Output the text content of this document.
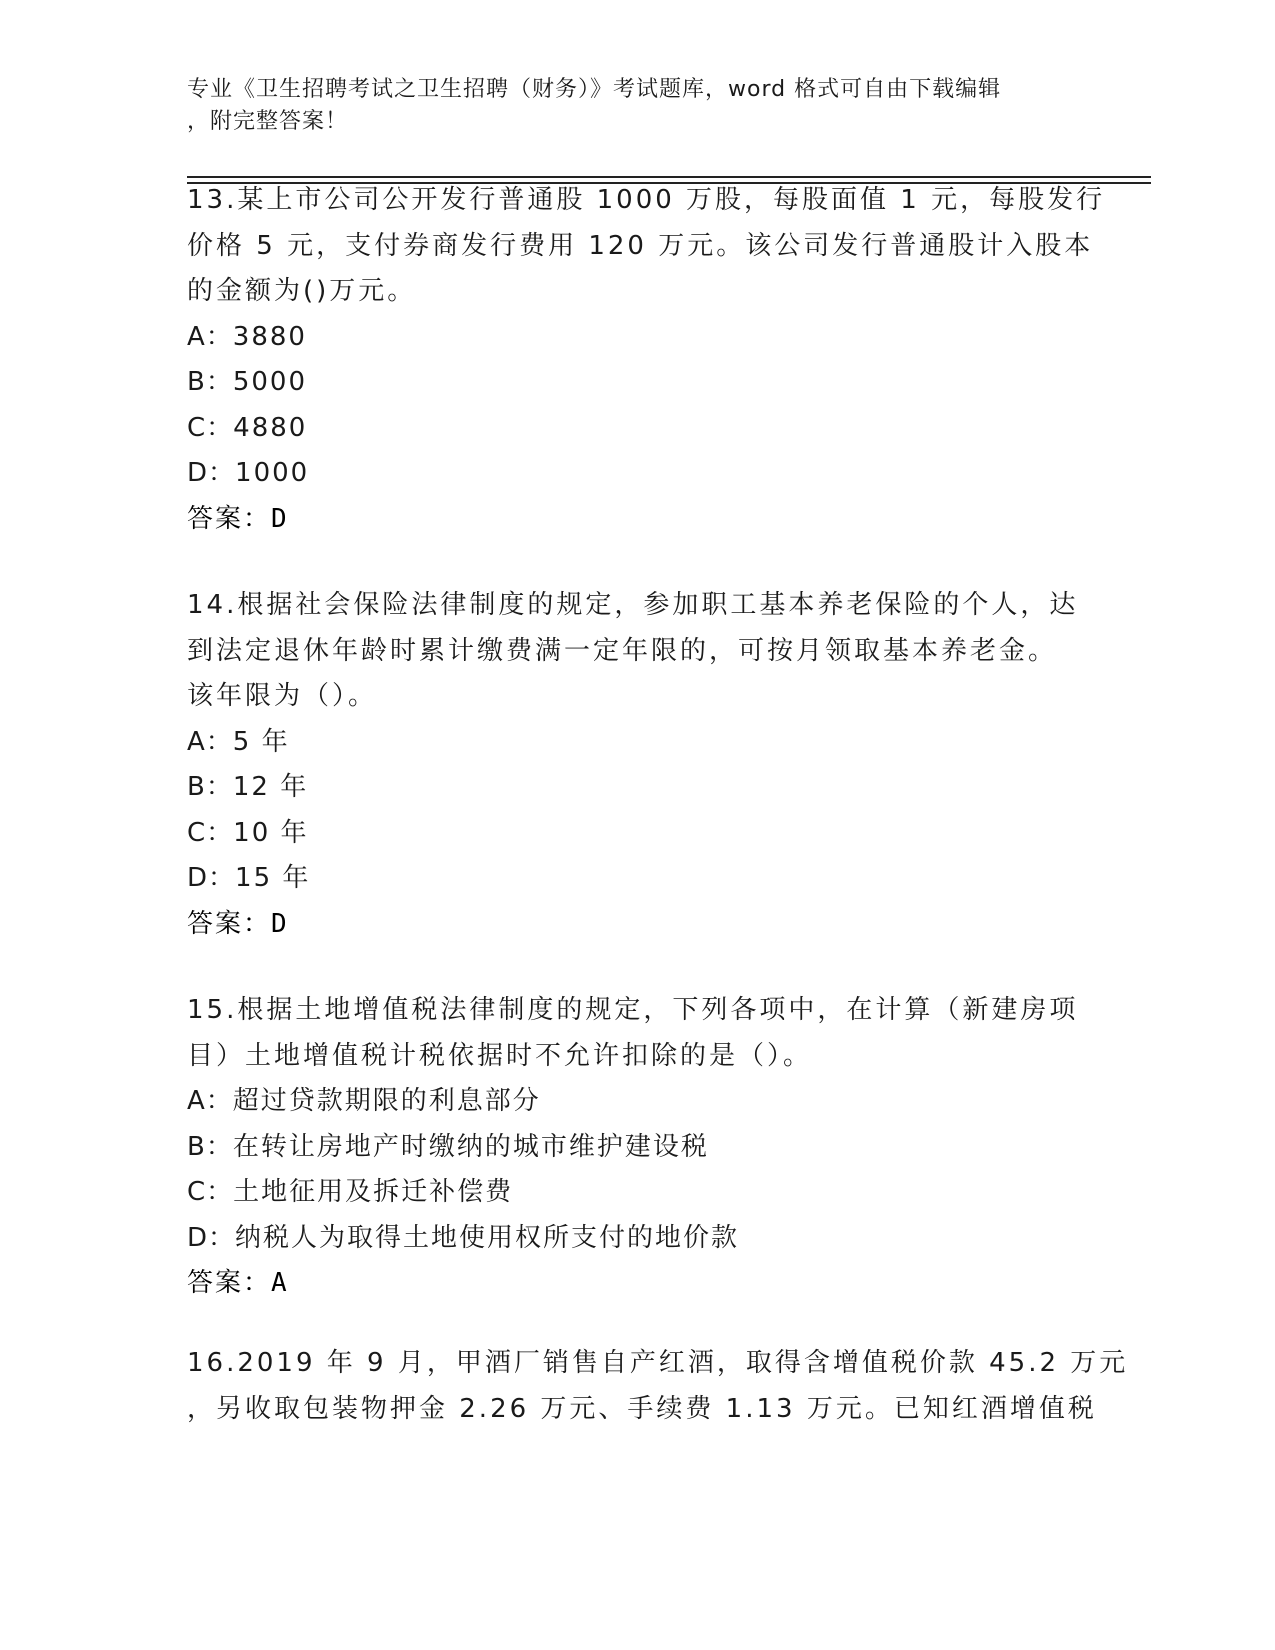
专业《卫生招聘考试之卫生招聘（财务）》考试题库，word 格式可自由下载编辑
，附完整答案！
13.某上市公司公开发行普通股 1000 万股，每股面值 1 元，每股发行
价格 5 元，支付券商发行费用 120 万元。该公司发行普通股计入股本
的金额为()万元。
A：3880
B：5000
C：4880
D：1000
答案：D
14.根据社会保险法律制度的规定，参加职工基本养老保险的个人，达
到法定退休年龄时累计缴费满一定年限的，可按月领取基本养老金。
该年限为（）。
A：5 年
B：12 年
C：10 年
D：15 年
答案：D
15.根据土地增值税法律制度的规定，下列各项中，在计算（新建房项
目）土地增值税计税依据时不允许扣除的是（）。
A：超过贷款期限的利息部分
B：在转让房地产时缴纳的城市维护建设税
C：土地征用及拆迁补偿费
D：纳税人为取得土地使用权所支付的地价款
答案：A
16.2019 年 9 月，甲酒厂销售自产红酒，取得含增值税价款 45.2 万元
，另收取包装物押金 2.26 万元、手续费 1.13 万元。已知红酒增值税
